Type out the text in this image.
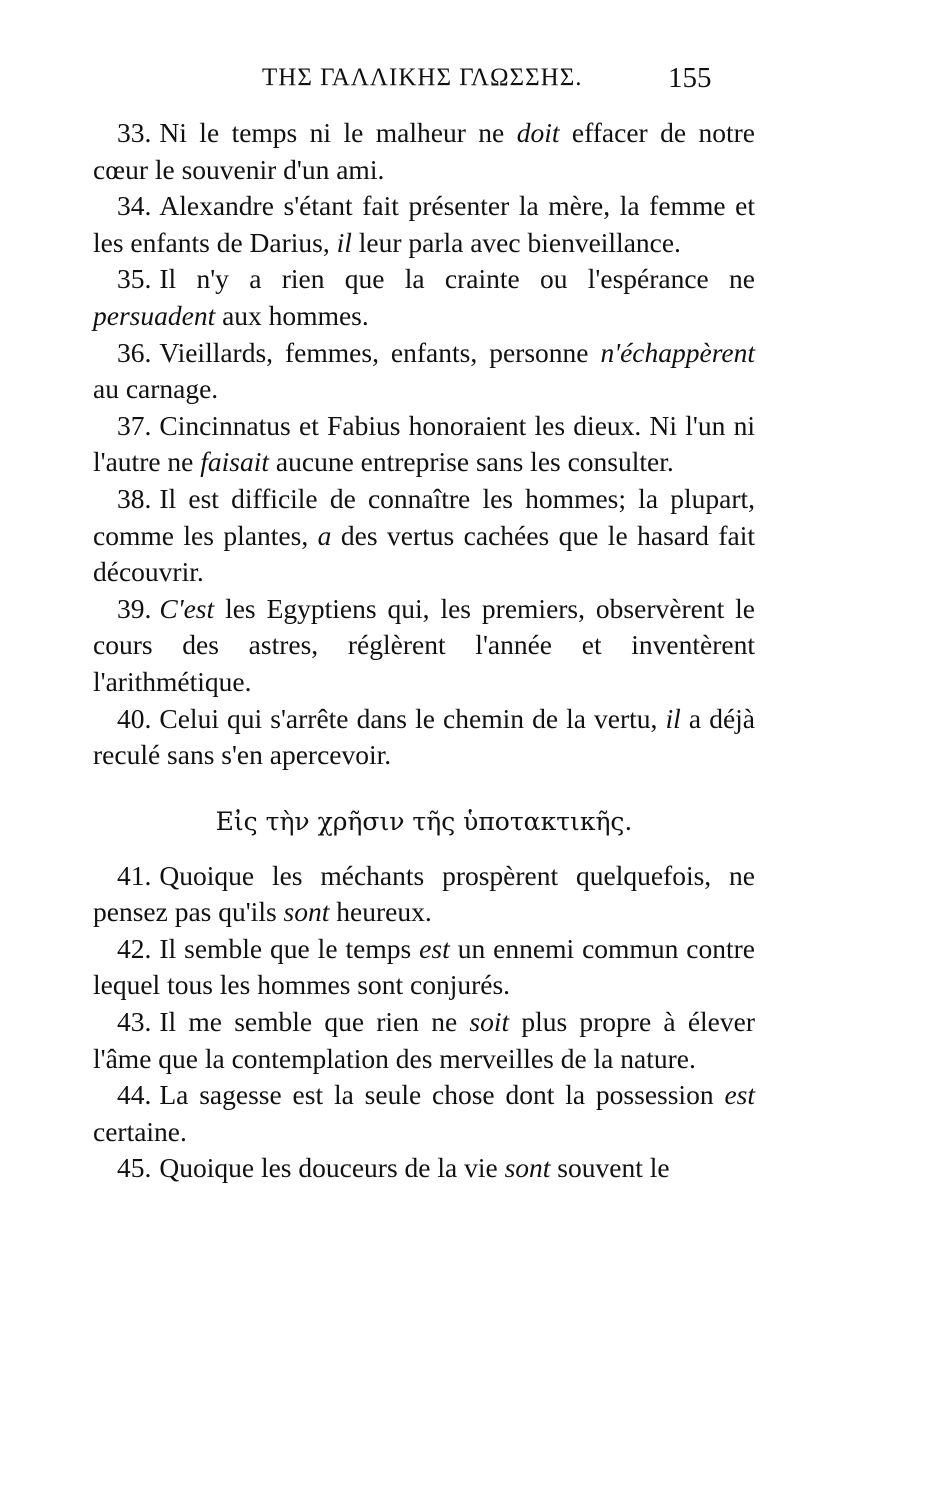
ΤΗΣ ΓΑΛΛΙΚΗΣ ΓΛΩΣΣΗΣ.	155

33. Ni le temps ni le malheur ne doit effacer de notre cœur le souvenir d'un ami.

34. Alexandre s'étant fait présenter la mère, la femme et les enfants de Darius, il leur parla avec bienveillance.

35. Il n'y a rien que la crainte ou l'espérance ne persuadent aux hommes.

36. Vieillards, femmes, enfants, personne n'échappèrent au carnage.

37. Cincinnatus et Fabius honoraient les dieux. Ni l'un ni l'autre ne faisait aucune entreprise sans les consulter.

38. Il est difficile de connaître les hommes; la plupart, comme les plantes, a des vertus cachées que le hasard fait découvrir.

39. C'est les Egyptiens qui, les premiers, observèrent le cours des astres, réglèrent l'année et inventèrent l'arithmétique.

40. Celui qui s'arrête dans le chemin de la vertu, il a déjà reculé sans s'en apercevoir.

Εἰς τὴν χρῆσιν τῆς ὑποτακτικῆς.

41. Quoique les méchants prospèrent quelquefois, ne pensez pas qu'ils sont heureux.

42. Il semble que le temps est un ennemi commun contre lequel tous les hommes sont conjurés.

43. Il me semble que rien ne soit plus propre à élever l'âme que la contemplation des merveilles de la nature.

44. La sagesse est la seule chose dont la possession est certaine.

45. Quoique les douceurs de la vie sont souvent le
